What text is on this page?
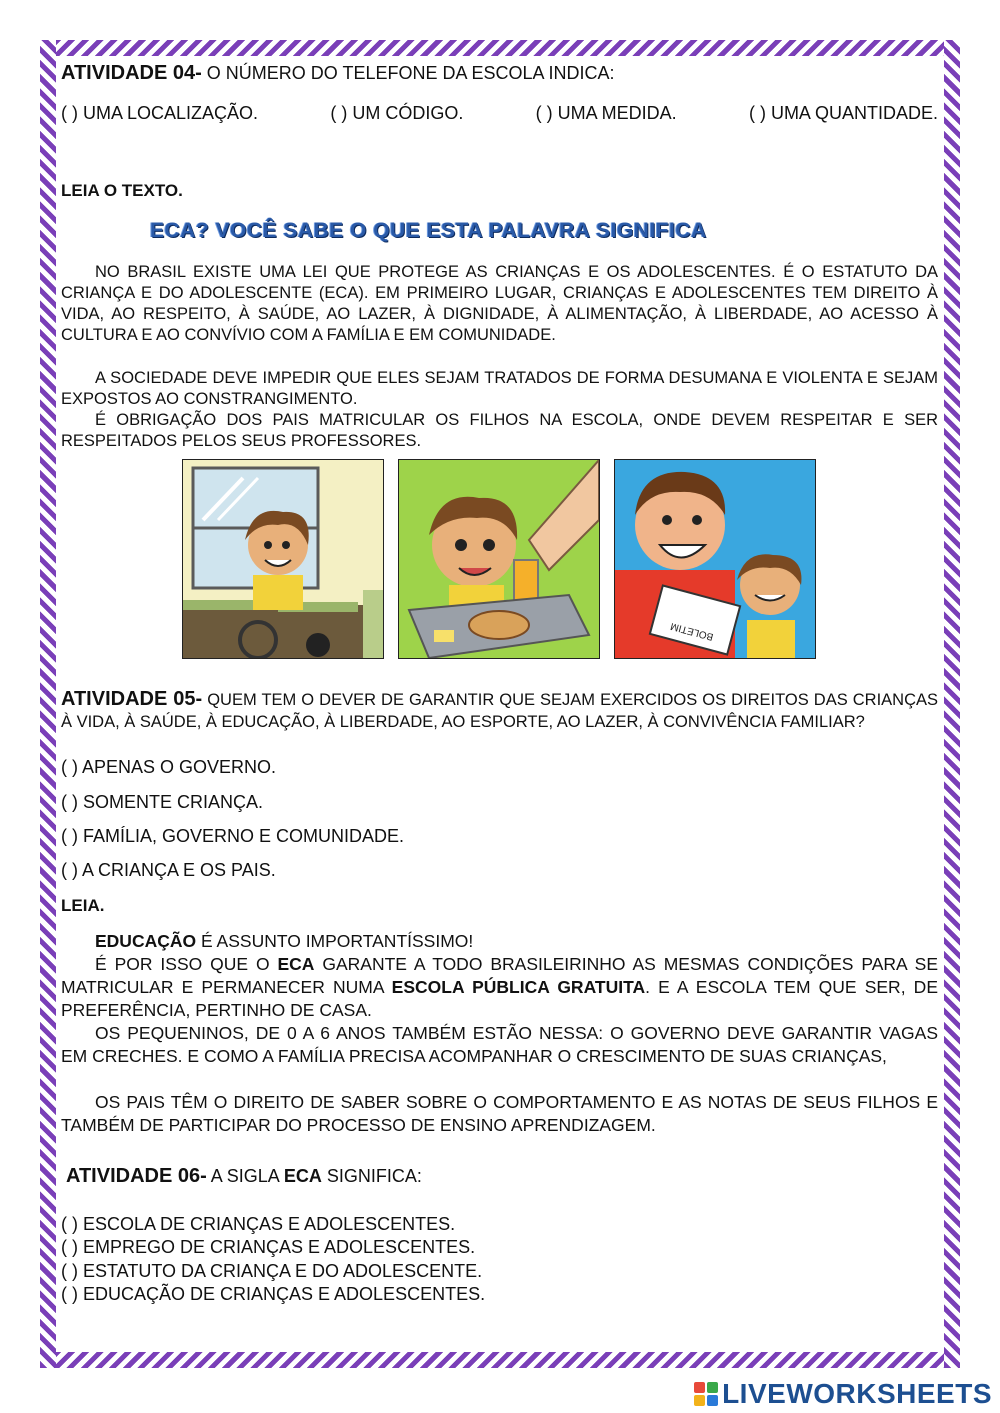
ATIVIDADE 04- O NÚMERO DO TELEFONE DA ESCOLA INDICA:
( ) UMA LOCALIZAÇÃO.	( ) UM CÓDIGO.	( ) UMA MEDIDA.	( ) UMA QUANTIDADE.
LEIA O TEXTO.
ECA? VOCÊ SABE O QUE ESTA PALAVRA SIGNIFICA
NO BRASIL EXISTE UMA LEI QUE PROTEGE AS CRIANÇAS E OS ADOLESCENTES. É O ESTATUTO DA CRIANÇA E DO ADOLESCENTE (ECA). EM PRIMEIRO LUGAR, CRIANÇAS E ADOLESCENTES TEM DIREITO À VIDA, AO RESPEITO, À SAÚDE, AO LAZER, À DIGNIDADE, À ALIMENTAÇÃO, À LIBERDADE, AO ACESSO À CULTURA E AO CONVÍVIO COM A FAMÍLIA E EM COMUNIDADE.
A SOCIEDADE DEVE IMPEDIR QUE ELES SEJAM TRATADOS DE FORMA DESUMANA E VIOLENTA E SEJAM EXPOSTOS AO CONSTRANGIMENTO.
É OBRIGAÇÃO DOS PAIS MATRICULAR OS FILHOS NA ESCOLA, ONDE DEVEM RESPEITAR E SER RESPEITADOS PELOS SEUS PROFESSORES.
BOLETIM
ATIVIDADE 05- QUEM TEM O DEVER DE GARANTIR QUE SEJAM EXERCIDOS OS DIREITOS DAS CRIANÇAS À VIDA, À SAÚDE, À EDUCAÇÃO, À LIBERDADE, AO ESPORTE, AO LAZER, À CONVIVÊNCIA FAMILIAR?
( ) APENAS O GOVERNO.
( ) SOMENTE CRIANÇA.
( ) FAMÍLIA, GOVERNO E COMUNIDADE.
( ) A CRIANÇA E OS PAIS.
LEIA.
EDUCAÇÃO É ASSUNTO IMPORTANTÍSSIMO!
É POR ISSO QUE O ECA GARANTE A TODO BRASILEIRINHO AS MESMAS CONDIÇÕES PARA SE MATRICULAR E PERMANECER NUMA ESCOLA PÚBLICA GRATUITA. E A ESCOLA TEM QUE SER, DE PREFERÊNCIA, PERTINHO DE CASA.
OS PEQUENINOS, DE 0 A 6 ANOS TAMBÉM ESTÃO NESSA: O GOVERNO DEVE GARANTIR VAGAS EM CRECHES. E COMO A FAMÍLIA PRECISA ACOMPANHAR O CRESCIMENTO DE SUAS CRIANÇAS,
OS PAIS TÊM O DIREITO DE SABER SOBRE O COMPORTAMENTO E AS NOTAS DE SEUS FILHOS E TAMBÉM DE PARTICIPAR DO PROCESSO DE ENSINO APRENDIZAGEM.
ATIVIDADE 06- A SIGLA ECA SIGNIFICA:
( ) ESCOLA DE CRIANÇAS E ADOLESCENTES.
( ) EMPREGO DE CRIANÇAS E ADOLESCENTES.
( ) ESTATUTO DA CRIANÇA E DO ADOLESCENTE.
( ) EDUCAÇÃO DE CRIANÇAS E ADOLESCENTES.
LIVEWORKSHEETS
